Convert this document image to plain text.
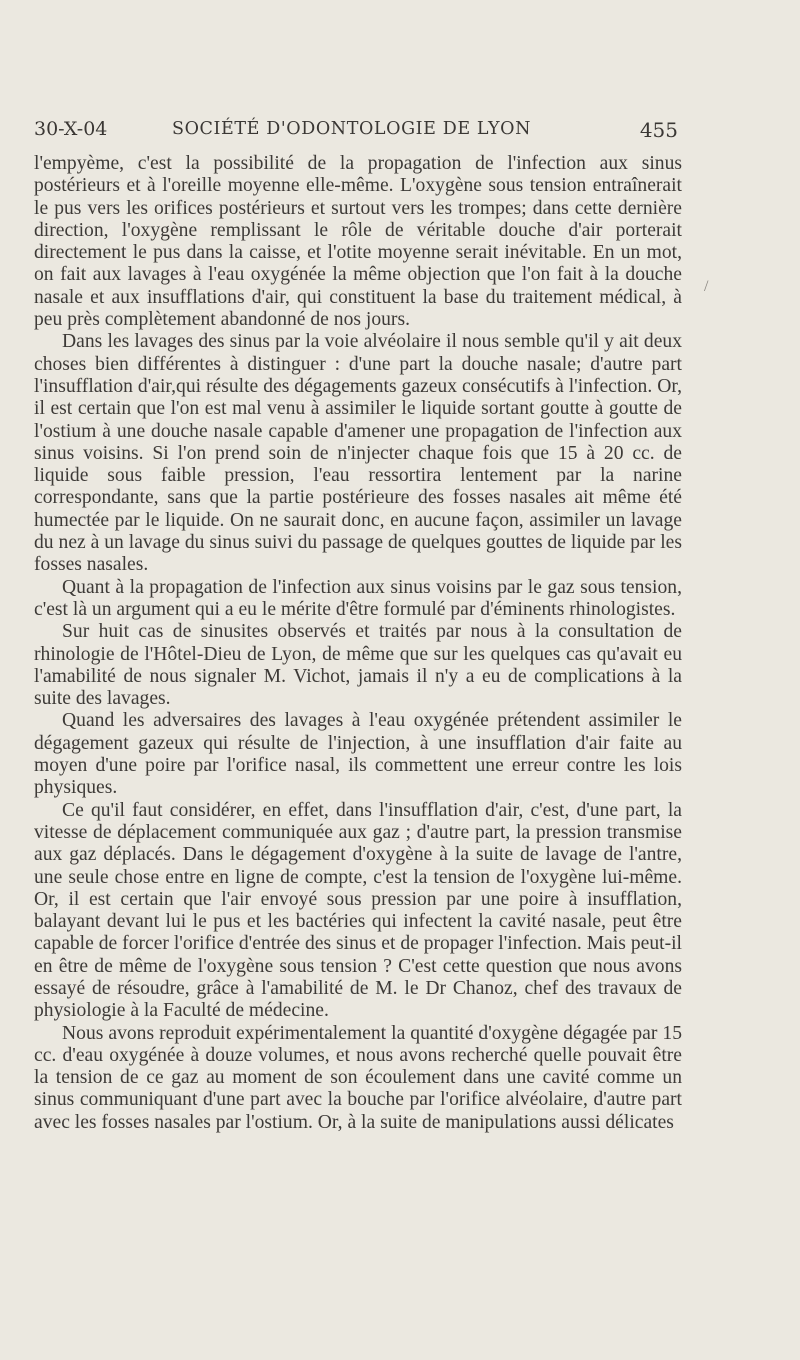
30-X-04	SOCIÉTÉ D'ODONTOLOGIE DE LYON	455
/

l'empyème, c'est la possibilité de la propagation de l'infection aux sinus postérieurs et à l'oreille moyenne elle-même. L'oxygène sous tension entraînerait le pus vers les orifices postérieurs et surtout vers les trompes; dans cette dernière direction, l'oxygène remplissant le rôle de véritable douche d'air porterait directement le pus dans la caisse, et l'otite moyenne serait inévitable. En un mot, on fait aux lavages à l'eau oxygénée la même objection que l'on fait à la douche nasale et aux insufflations d'air, qui constituent la base du traitement médical, à peu près complètement abandonné de nos jours.

Dans les lavages des sinus par la voie alvéolaire il nous semble qu'il y ait deux choses bien différentes à distinguer : d'une part la douche nasale; d'autre part l'insufflation d'air,qui résulte des dégagements gazeux consécutifs à l'infection. Or, il est certain que l'on est mal venu à assimiler le liquide sortant goutte à goutte de l'ostium à une douche nasale capable d'amener une propagation de l'infection aux sinus voisins. Si l'on prend soin de n'injecter chaque fois que 15 à 20 cc. de liquide sous faible pression, l'eau ressortira lentement par la narine correspondante, sans que la partie postérieure des fosses nasales ait même été humectée par le liquide. On ne saurait donc, en aucune façon, assimiler un lavage du nez à un lavage du sinus suivi du passage de quelques gouttes de liquide par les fosses nasales.

Quant à la propagation de l'infection aux sinus voisins par le gaz sous tension, c'est là un argument qui a eu le mérite d'être formulé par d'éminents rhinologistes.

Sur huit cas de sinusites observés et traités par nous à la consultation de rhinologie de l'Hôtel-Dieu de Lyon, de même que sur les quelques cas qu'avait eu l'amabilité de nous signaler M. Vichot, jamais il n'y a eu de complications à la suite des lavages.

Quand les adversaires des lavages à l'eau oxygénée prétendent assimiler le dégagement gazeux qui résulte de l'injection, à une insufflation d'air faite au moyen d'une poire par l'orifice nasal, ils commettent une erreur contre les lois physiques.

Ce qu'il faut considérer, en effet, dans l'insufflation d'air, c'est, d'une part, la vitesse de déplacement communiquée aux gaz ; d'autre part, la pression transmise aux gaz déplacés. Dans le dégagement d'oxygène à la suite de lavage de l'antre, une seule chose entre en ligne de compte, c'est la tension de l'oxygène lui-même. Or, il est certain que l'air envoyé sous pression par une poire à insufflation, balayant devant lui le pus et les bactéries qui infectent la cavité nasale, peut être capable de forcer l'orifice d'entrée des sinus et de propager l'infection. Mais peut-il en être de même de l'oxygène sous tension ? C'est cette question que nous avons essayé de résoudre, grâce à l'amabilité de M. le Dr Chanoz, chef des travaux de physiologie à la Faculté de médecine.

Nous avons reproduit expérimentalement la quantité d'oxygène dégagée par 15 cc. d'eau oxygénée à douze volumes, et nous avons recherché quelle pouvait être la tension de ce gaz au moment de son écoulement dans une cavité comme un sinus communiquant d'une part avec la bouche par l'orifice alvéolaire, d'autre part avec les fosses nasales par l'ostium. Or, à la suite de manipulations aussi délicates
